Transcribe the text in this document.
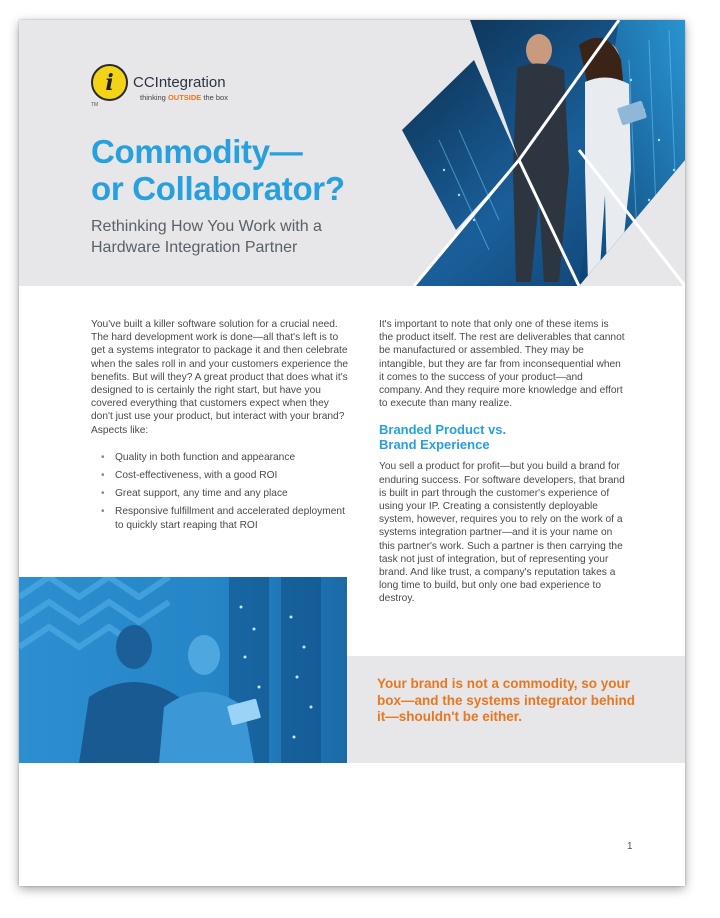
i
TM
CCIntegration
thinking OUTSIDE the box
Commodity—
or Collaborator?
Rethinking How You Work with a
Hardware Integration Partner

You've built a killer software solution for a crucial need. The hard development work is done—all that's left is to get a systems integrator to package it and then celebrate when the sales roll in and your customers experience the benefits. But will they? A great product that does what it's designed to is certainly the right start, but have you covered everything that customers expect when they don't just use your product, but interact with your brand? Aspects like:

• Quality in both function and appearance
• Cost-effectiveness, with a good ROI
• Great support, any time and any place
• Responsive fulfillment and accelerated deployment to quickly start reaping that ROI

It's important to note that only one of these items is the product itself. The rest are deliverables that cannot be manufactured or assembled. They may be intangible, but they are far from inconsequential when it comes to the success of your product—and company. And they require more knowledge and effort to execute than many realize.

Branded Product vs.
Brand Experience

You sell a product for profit—but you build a brand for enduring success. For software developers, that brand is built in part through the customer's experience of using your IP. Creating a consistently deployable system, however, requires you to rely on the work of a systems integration partner—and it is your name on this partner's work. Such a partner is then carrying the task not just of integration, but of representing your brand. And like trust, a company's reputation takes a long time to build, but only one bad experience to destroy.

Your brand is not a commodity, so your box—and the systems integrator behind it—shouldn't be either.
1
